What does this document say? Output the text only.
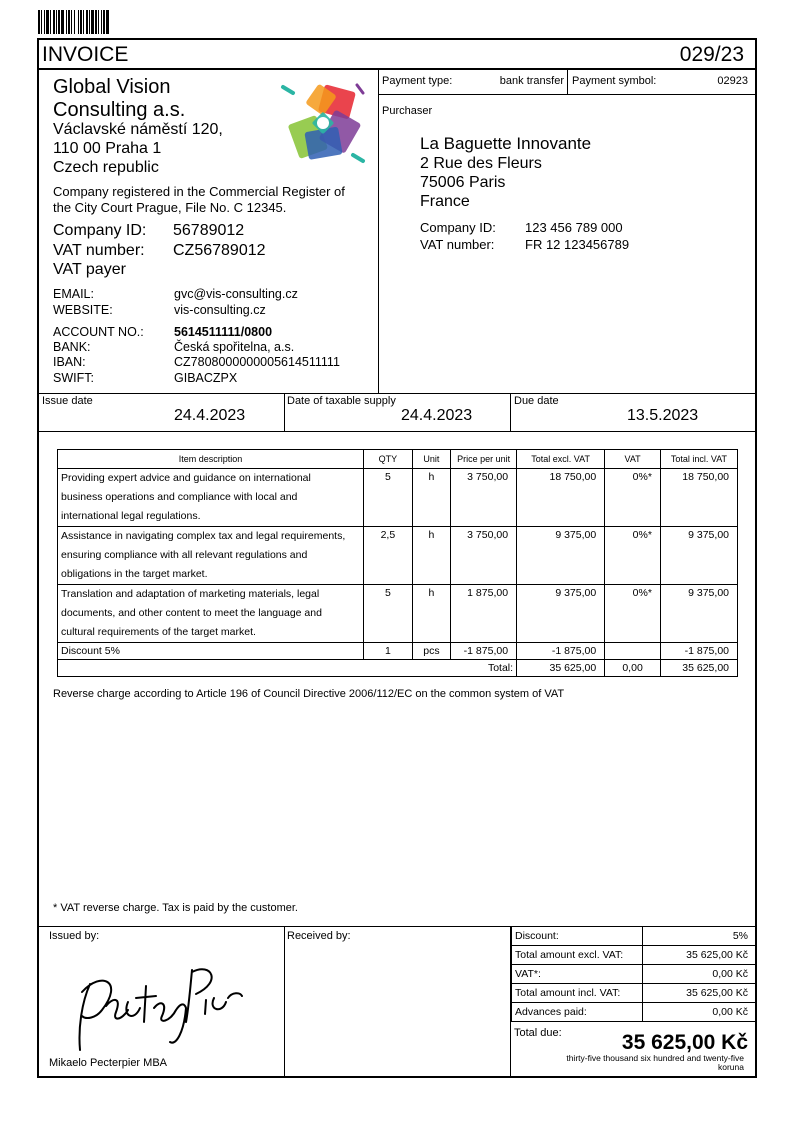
INVOICE	029/23
Global Vision
Consulting a.s.
Václavské náměstí 120,
110 00 Praha 1
Czech republic
Company registered in the Commercial Register of
the City Court Prague, File No. C 12345.
Company ID: 56789012
VAT number: CZ56789012
VAT payer
EMAIL:	gvc@vis-consulting.cz
WEBSITE:	vis-consulting.cz
ACCOUNT NO.: 5614511111/0800
BANK:	Česká spořitelna, a.s.
IBAN:	CZ7808000000005614511111
SWIFT:	GIBACZPX
Payment type:	bank transfer Payment symbol:	02923
Purchaser
La Baguette Innovante
2 Rue des Fleurs
75006 Paris
France
Company ID: 123 456 789 000
VAT number: FR 12 123456789
Issue date
24.4.2023
Date of taxable supply
24.4.2023
Due date
13.5.2023
Item description	QTY	Unit	Price per unit	Total excl. VAT	VAT	Total incl. VAT

Providing expert advice and guidance on international
business operations and compliance with local and
international legal regulations.	5	h	3 750,00	18 750,00	0%*	18 750,00

Assistance in navigating complex tax and legal requirements,
ensuring compliance with all relevant regulations and
obligations in the target market.	2,5	h	3 750,00	9 375,00	0%*	9 375,00

Translation and adaptation of marketing materials, legal
documents, and other content to meet the language and
cultural requirements of the target market.	5	h	1 875,00	9 375,00	0%*	9 375,00
Discount 5%	1	pcs	-1 875,00	-1 875,00		-1 875,00
Total:				35 625,00	0,00	35 625,00
Reverse charge according to Article 196 of Council Directive 2006/112/EC on the common system of VAT
* VAT reverse charge. Tax is paid by the customer.
Issued by:	Received by:
Mikaelo Pecterpier MBA
Discount:	5%
Total amount excl. VAT:	35 625,00 Kč
VAT*:	0,00 Kč
Total amount incl. VAT:	35 625,00 Kč
Advances paid:	0,00 Kč
Total due:	35 625,00 Kč
thirty-five thousand six hundred and twenty-five
koruna
